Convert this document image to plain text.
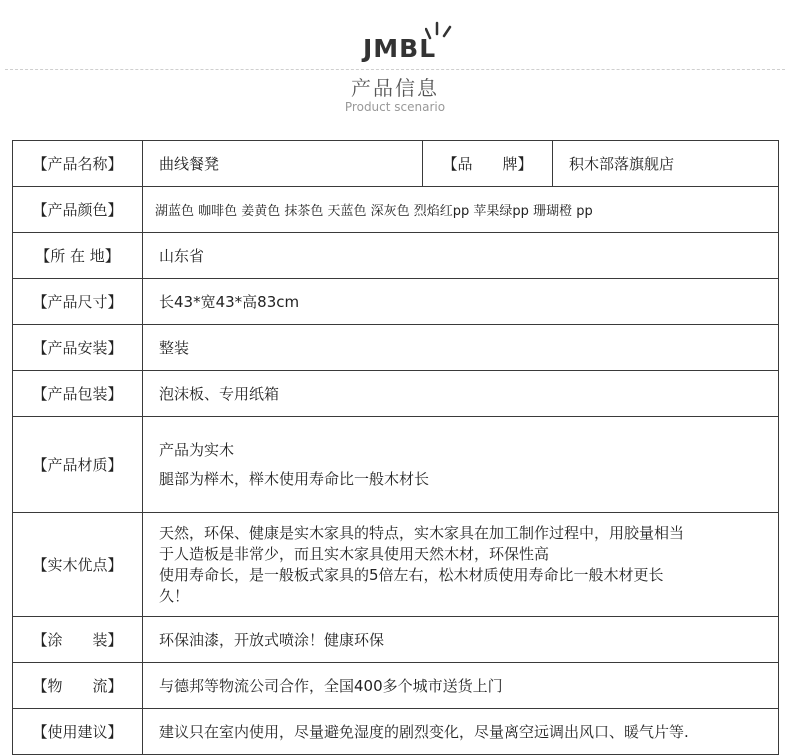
JMBL
产品信息
Product scenario
【产品名称】	曲线餐凳	【品　　牌】	积木部落旗舰店
【产品颜色】	湖蓝色 咖啡色 姜黄色 抹茶色 天蓝色 深灰色 烈焰红pp 苹果绿pp 珊瑚橙 pp		
【所 在 地】	山东省		
【产品尺寸】	长43*宽43*高83cm		
【产品安装】	整装		
【产品包装】	泡沫板、专用纸箱		
【产品材质】	产品为实木
腿部为榉木，榉木使用寿命比一般木材长		

【实木优点】	天然，环保、健康是实木家具的特点，实木家具在加工制作过程中，用胶量相当
于人造板是非常少，而且实木家具使用天然木材，环保性高
使用寿命长，是一般板式家具的5倍左右，松木材质使用寿命比一般木材更长
久！		

【涂　　装】	环保油漆，开放式喷涂！健康环保		
【物　　流】	与德邦等物流公司合作，全国400多个城市送货上门		
【使用建议】	建议只在室内使用，尽量避免湿度的剧烈变化，尽量离空远调出风口、暖气片等.		
